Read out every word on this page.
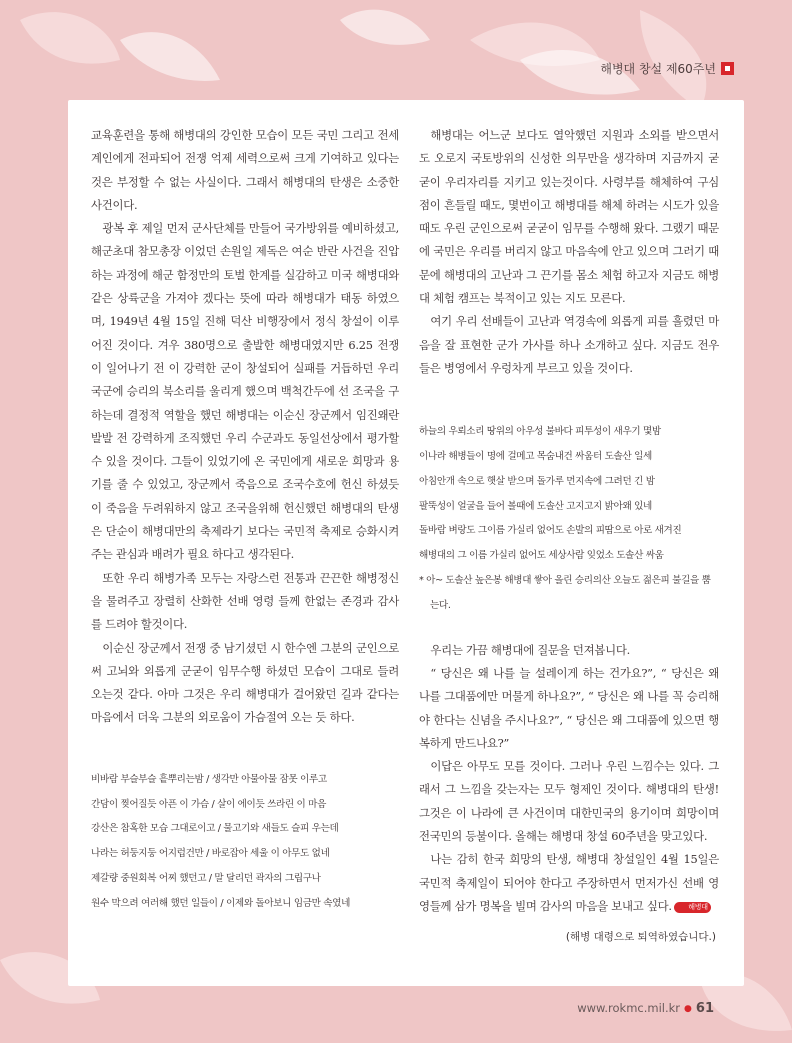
해병대 창설 제60주년

교육훈련을 통해 해병대의 강인한 모습이 모든 국민 그리고 전세계인에게 전파되어 전쟁 억제 세력으로써 크게 기여하고 있다는것은 부정할 수 없는 사실이다. 그래서 해병대의 탄생은 소중한 사건이다.

광복 후 제일 먼저 군사단체를 만들어 국가방위를 예비하셨고, 해군초대 참모총장 이었던 손원일 제독은 여순 반란 사건을 진압하는 과정에 해군 함정만의 토벌 한계를 실감하고 미국 해병대와 같은 상륙군을 가져야 겠다는 뜻에 따라 해병대가 태동 하였으며, 1949년 4월 15일 진해 덕산 비행장에서 정식 창설이 이루어진 것이다. 겨우 380명으로 출발한 해병대였지만 6.25 전쟁이 일어나기 전 이 강력한 군이 창설되어 실패를 거듭하던 우리 국군에 승리의 북소리를 울리게 했으며 백척간두에 선 조국을 구하는데 결정적 역할을 했던 해병대는 이순신 장군께서 임진왜란 발발 전 강력하게 조직했던 우리 수군과도 동일선상에서 평가할수 있을 것이다. 그들이 있었기에 온 국민에게 새로운 희망과 용기를 줄 수 있었고, 장군께서 죽음으로 조국수호에 헌신 하셨듯이 죽음을 두려워하지 않고 조국을위해 헌신했던 해병대의 탄생은 단순이 해병대만의 축제라기 보다는 국민적 축제로 승화시켜주는 관심과 배려가 필요 하다고 생각된다.

또한 우리 해병가족 모두는 자랑스런 전통과 끈끈한 해병정신을 물려주고 장렬히 산화한 선배 영령 들께 한없는 존경과 감사를 드려야 할것이다.

이순신 장군께서 전쟁 중 남기셨던 시 한수엔 그분의 군인으로써 고뇌와 외롭게 군굳이 임무수행 하셨던 모습이 그대로 들려 오는것 같다. 아마 그것은 우리 해병대가 걸어왔던 길과 같다는 마음에서 더욱 그분의 외로움이 가슴절여 오는 듯 하다.

비바람 부슬부슬 흩뿌리는밤 / 생각만 아물아물 잠못 이루고
간담이 찢어질듯 아픈 이 가슴 / 살이 에이듯 쓰라린 이 마음
강산은 참혹한 모습 그대로이고 / 물고기와 새들도 슬피 우는데
나라는 허둥지둥 어지럽건만 / 바로잡아 세울 이 아무도 없네
제갈량 중원회복 어찌 했던고 / 말 달리던 곽자의 그립구나
원수 막으려 여러해 했던 일들이 / 이제와 돌아보니 임금만 속였네

해병대는 어느군 보다도 열악했던 지원과 소외를 받으면서도 오로지 국토방위의 신성한 의무만을 생각하며 지금까지 굳굳이 우리자리를 지키고 있는것이다. 사령부를 해체하여 구심점이 흔들릴 때도, 몇번이고 해병대를 해체 하려는 시도가 있을때도 우린 군인으로써 굳굳이 임무를 수행해 왔다. 그랬기 때문에 국민은 우리를 버리지 않고 마음속에 안고 있으며 그러기 때문에 해병대의 고난과 그 끈기를 몸소 체험 하고자 지금도 해병대 체험 캠프는 북적이고 있는 지도 모른다.

여기 우리 선배들이 고난과 역경속에 외롭게 피를 흘렸던 마음을 잘 표현한 군가 가사를 하나 소개하고 싶다. 지금도 전우들은 병영에서 우렁차게 부르고 있을 것이다.

하늘의 우뢰소리 땅위의 아우성 불바다 피투성이 새우기 몇밤
이나라 해병들이 명에 걸메고 목숨내건 싸움터 도솔산 일세
아침안개 속으로 햇살 받으며 돌가루 먼지속에 그려던 긴 밤
팔뚝성이 얼굴을 들어 볼때에 도솔산 고지고지 밝아왜 있네
돌바람 벼랑도 그이름 가실리 없어도 손발의 피땀으로 아로 새겨진
해병대의 그 이름 가실리 없어도 세상사람 잊었소 도솔산 싸움
* 아~ 도솔산 높은봉 해병대 쌓아 올린 승리의산 오늘도 젊은피 불길을 뿜는다.

우리는 가끔 해병대에 질문을 던져봅니다.

“ 당신은 왜 나를 늘 설레이게 하는 건가요?”, “ 당신은 왜 나를 그대품에만 머물게 하나요?”, “ 당신은 왜 나를 꼭 승리해야 한다는 신념을 주시나요?”, “ 당신은 왜 그대품에 있으면 행복하게 만드나요?”

이답은 아무도 모를 것이다. 그러나 우린 느낌수는 있다. 그래서 그 느낌을 갖는자는 모두 형제인 것이다. 해병대의 탄생! 그것은 이 나라에 큰 사건이며 대한민국의 용기이며 희망이며 전국민의 등불이다. 올해는 해병대 창설 60주년을 맞고있다.

나는 감히 한국 희망의 탄생, 해병대 창설일인 4월 15일은 국민적 축제일이 되어야 한다고 주장하면서 먼저가신 선배 영영들께 삼가 명복을 빌며 감사의 마음을 보내고 싶다. 해병대

(해병 대령으로 퇴역하였습니다.)
www.rokmc.mil.kr ● 61
